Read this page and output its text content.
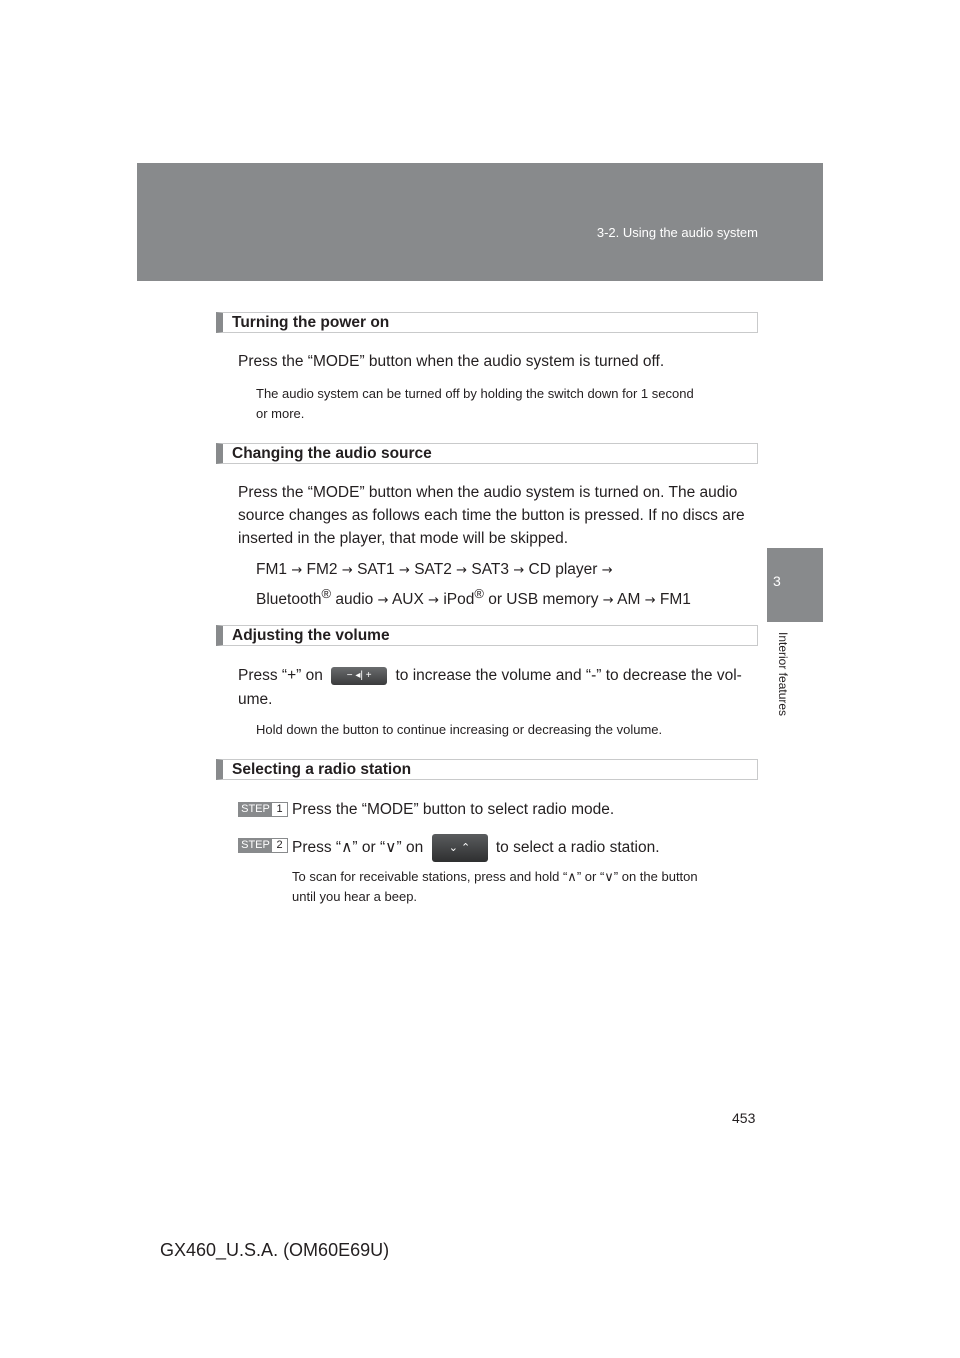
3-2. Using the audio system
3
Interior features
Turning the power on
Press the “MODE” button when the audio system is turned off.
The audio system can be turned off by holding the switch down for 1 second
or more.
Changing the audio source
Press the “MODE” button when the audio system is turned on. The audio
source changes as follows each time the button is pressed. If no discs are
inserted in the player, that mode will be skipped.
FM1 → FM2 → SAT1 → SAT2 → SAT3 → CD player →
Bluetooth® audio → AUX → iPod® or USB memory → AM → FM1
Adjusting the volume
Press “+” on − ◂| + to increase the volume and “-” to decrease the vol-
ume.
Hold down the button to continue increasing or decreasing the volume.
Selecting a radio station
STEP 1 Press the “MODE” button to select radio mode.
STEP 2 Press “∧” or “∨” on ⌄ ⌃ to select a radio station.
To scan for receivable stations, press and hold “∧” or “∨” on the button
until you hear a beep.
453
GX460_U.S.A. (OM60E69U)
